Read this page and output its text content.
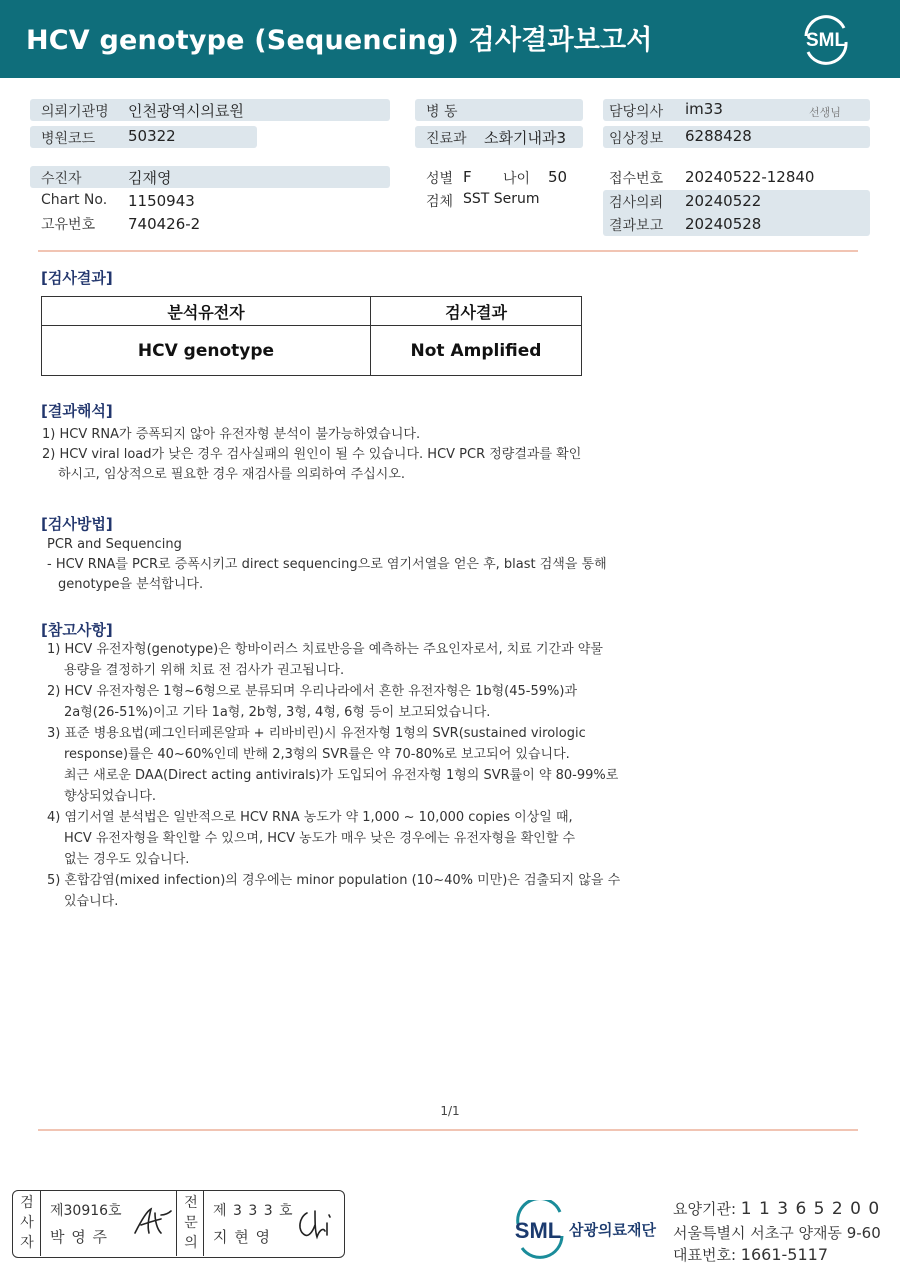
HCV genotype (Sequencing) 검사결과보고서	SML
의뢰기관명 인천광역시의료원
병원코드 50322
병 동
진료과 소화기내과3
담당의사 im33	선생님
임상정보 6288428
수진자	김재영
Chart No. 1150943
고유번호 740426-2
성별 F 나이 50
검체 SST Serum
접수번호 20240522-12840
검사의뢰 20240522
결과보고 20240528
[검사결과]
분석유전자	검사결과
HCV genotype	Not Amplified
[결과해석]
1) HCV RNA가 증폭되지 않아 유전자형 분석이 불가능하였습니다.
2) HCV viral load가 낮은 경우 검사실패의 원인이 될 수 있습니다. HCV PCR 정량결과를 확인
하시고, 임상적으로 필요한 경우 재검사를 의뢰하여 주십시오.
[검사방법]
PCR and Sequencing
- HCV RNA를 PCR로 증폭시키고 direct sequencing으로 염기서열을 얻은 후, blast 검색을 통해
genotype을 분석합니다.
[참고사항]
1) HCV 유전자형(genotype)은 항바이러스 치료반응을 예측하는 주요인자로서, 치료 기간과 약물
용량을 결정하기 위해 치료 전 검사가 권고됩니다.
2) HCV 유전자형은 1형~6형으로 분류되며 우리나라에서 흔한 유전자형은 1b형(45-59%)과
2a형(26-51%)이고 기타 1a형, 2b형, 3형, 4형, 6형 등이 보고되었습니다.
3) 표준 병용요법(페그인터페론알파 + 리바비린)시 유전자형 1형의 SVR(sustained virologic
response)률은 40~60%인데 반해 2,3형의 SVR률은 약 70-80%로 보고되어 있습니다.
최근 새로운 DAA(Direct acting antivirals)가 도입되어 유전자형 1형의 SVR률이 약 80-99%로
향상되었습니다.
4) 염기서열 분석법은 일반적으로 HCV RNA 농도가 약 1,000 ~ 10,000 copies 이상일 때,
HCV 유전자형을 확인할 수 있으며, HCV 농도가 매우 낮은 경우에는 유전자형을 확인할 수
없는 경우도 있습니다.
5) 혼합감염(mixed infection)의 경우에는 minor population (10~40% 미만)은 검출되지 않을 수
있습니다.
1/1
검사자
제30916호
박 영 주
전문의
제 3 3 3 호
지 현 영	SML 삼광의료재단
요양기관: 1 1 3 6 5 2 0 0
서울특별시 서초구 양재동 9-60
대표번호: 1661-5117
